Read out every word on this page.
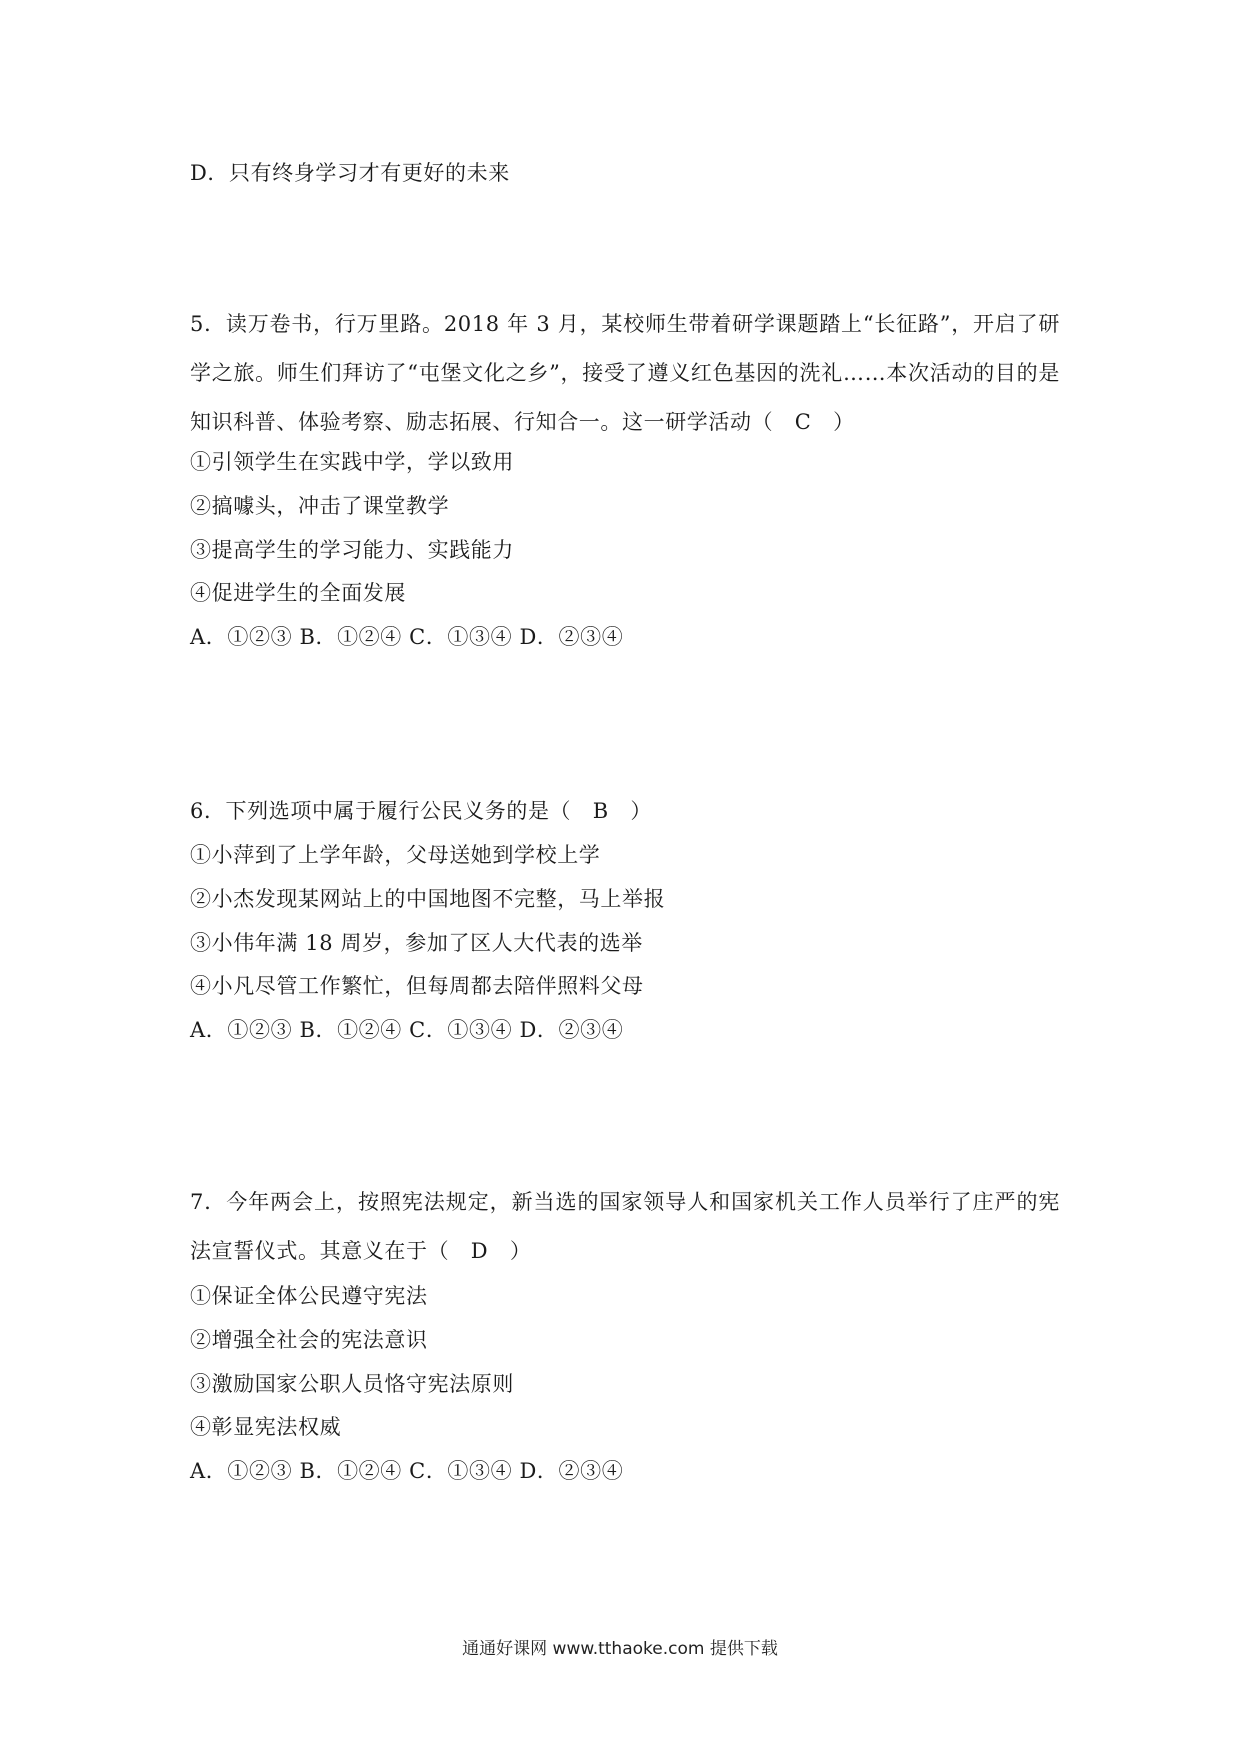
D．只有终身学习才有更好的未来
5．读万卷书，行万里路。2018 年 3 月，某校师生带着研学课题踏上“长征路”，开启了研学之旅。师生们拜访了“屯堡文化之乡”，接受了遵义红色基因的洗礼……本次活动的目的是 知识科普、体验考察、励志拓展、行知合一。这一研学活动（　C　）
①引领学生在实践中学，学以致用
②搞噱头，冲击了课堂教学
③提高学生的学习能力、实践能力
④促进学生的全面发展
A．①②③ B．①②④ C．①③④ D．②③④
6．下列选项中属于履行公民义务的是（　B　）
①小萍到了上学年龄，父母送她到学校上学
②小杰发现某网站上的中国地图不完整，马上举报
③小伟年满 18 周岁，参加了区人大代表的选举
④小凡尽管工作繁忙，但每周都去陪伴照料父母
A．①②③ B．①②④ C．①③④ D．②③④
7．今年两会上，按照宪法规定，新当选的国家领导人和国家机关工作人员举行了庄严的宪法宣誓仪式。其意义在于（　D　）
①保证全体公民遵守宪法
②增强全社会的宪法意识
③激励国家公职人员恪守宪法原则
④彰显宪法权威
A．①②③ B．①②④ C．①③④ D．②③④
通通好课网 www.tthaoke.com 提供下载
